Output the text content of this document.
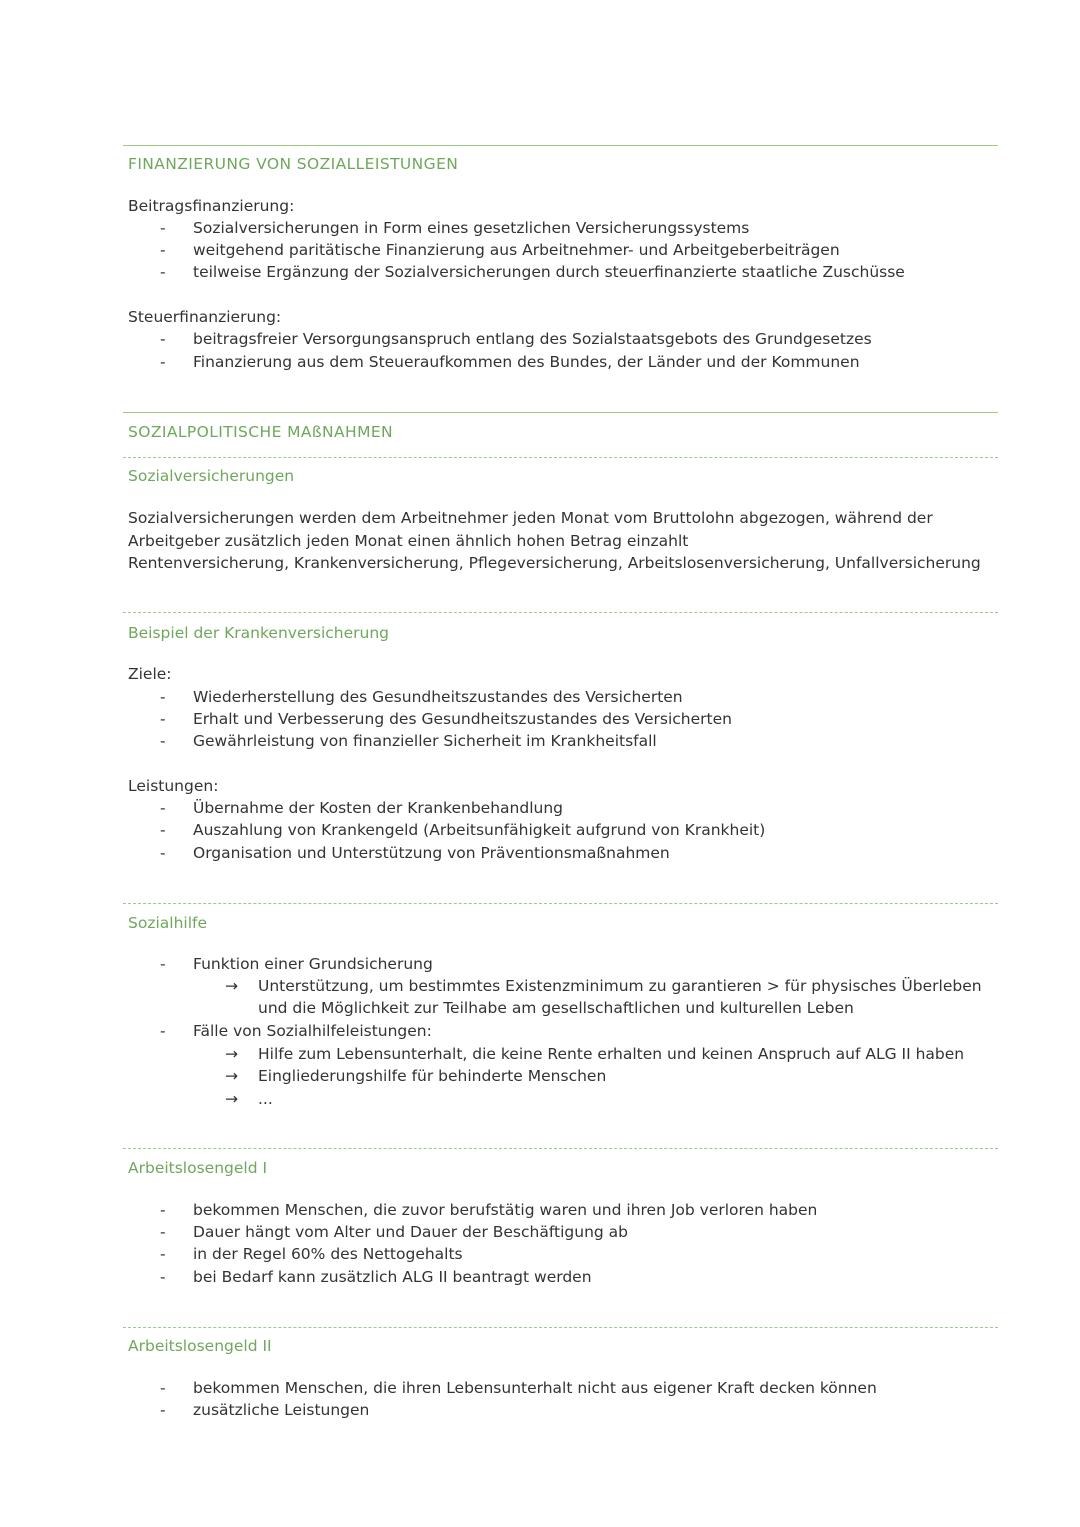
FINANZIERUNG VON SOZIALLEISTUNGEN
Beitragsfinanzierung:
- Sozialversicherungen in Form eines gesetzlichen Versicherungssystems
- weitgehend paritätische Finanzierung aus Arbeitnehmer- und Arbeitgeberbeiträgen
- teilweise Ergänzung der Sozialversicherungen durch steuerfinanzierte staatliche Zuschüsse
Steuerfinanzierung:
- beitragsfreier Versorgungsanspruch entlang des Sozialstaatsgebots des Grundgesetzes
- Finanzierung aus dem Steueraufkommen des Bundes, der Länder und der Kommunen
SOZIALPOLITISCHE MAßNAHMEN
Sozialversicherungen
Sozialversicherungen werden dem Arbeitnehmer jeden Monat vom Bruttolohn abgezogen, während der
Arbeitgeber zusätzlich jeden Monat einen ähnlich hohen Betrag einzahlt
Rentenversicherung, Krankenversicherung, Pflegeversicherung, Arbeitslosenversicherung, Unfallversicherung
Beispiel der Krankenversicherung
Ziele:
- Wiederherstellung des Gesundheitszustandes des Versicherten
- Erhalt und Verbesserung des Gesundheitszustandes des Versicherten
- Gewährleistung von finanzieller Sicherheit im Krankheitsfall
Leistungen:
- Übernahme der Kosten der Krankenbehandlung
- Auszahlung von Krankengeld (Arbeitsunfähigkeit aufgrund von Krankheit)
- Organisation und Unterstützung von Präventionsmaßnahmen
Sozialhilfe
- Funktion einer Grundsicherung
→ Unterstützung, um bestimmtes Existenzminimum zu garantieren > für physisches Überleben
und die Möglichkeit zur Teilhabe am gesellschaftlichen und kulturellen Leben
- Fälle von Sozialhilfeleistungen:
→ Hilfe zum Lebensunterhalt, die keine Rente erhalten und keinen Anspruch auf ALG II haben
→ Eingliederungshilfe für behinderte Menschen
→ ...
Arbeitslosengeld I
- bekommen Menschen, die zuvor berufstätig waren und ihren Job verloren haben
- Dauer hängt vom Alter und Dauer der Beschäftigung ab
- in der Regel 60% des Nettogehalts
- bei Bedarf kann zusätzlich ALG II beantragt werden
Arbeitslosengeld II
- bekommen Menschen, die ihren Lebensunterhalt nicht aus eigener Kraft decken können
- zusätzliche Leistungen
